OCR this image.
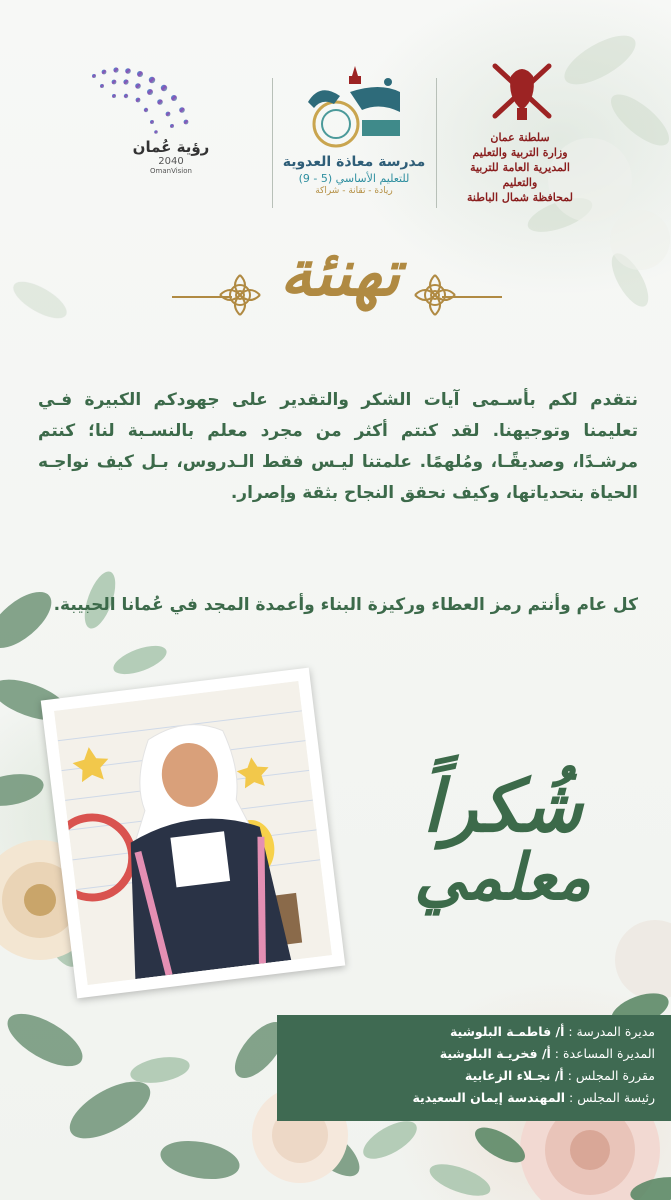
رؤية عُمان
2040
OmanVision
مدرسة معاذة العدوية
للتعليم الأساسي (5 - 9)
ريادة - تقانة - شراكة
سلطنة عمان
وزارة التربية والتعليم
المديرية العامة للتربية والتعليم
لمحافظة شمال الباطنة
تهنئة
نتقدم لكم بأسـمى آيات الشكر والتقدير على جهودكم الكبيرة فـي تعليمنا وتوجيهنا. لقد كنتم أكثر من مجرد معلم بالنسـبة لنا؛ كنتم مرشـدًا، وصديقًـا، ومُلهمًا. علمتنا ليـس فقط الـدروس، بـل كيف نواجـه الحياة بتحدياتها، وكيف نحقق النجاح بثقة وإصرار.
كل عام وأنتم رمز العطاء وركيزة البناء وأعمدة المجد في عُمانا الحبيبة.
شُكراً
معلمي
مديرة المدرسة : أ/ فاطمـة البلوشية
المديرة المساعدة : أ/ فخريـة البلوشية
مقررة المجلس : أ/ نجـلاء الزعابية
رئيسة المجلس : المهندسة إيمان السعيدية
